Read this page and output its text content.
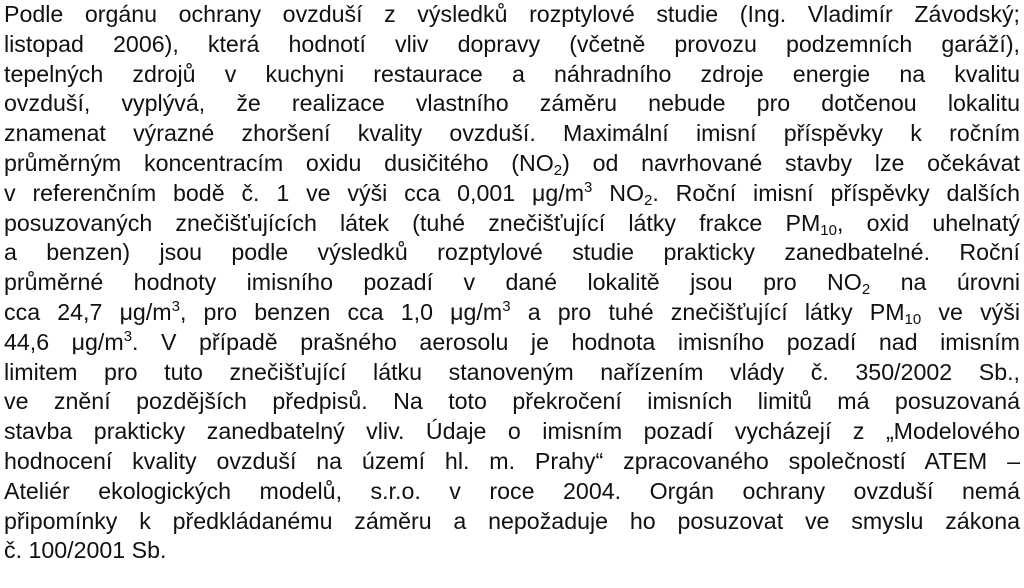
Podle orgánu ochrany ovzduší z výsledků rozptylové studie (Ing. Vladimír Závodský;
listopad 2006), která hodnotí vliv dopravy (včetně provozu podzemních garáží),
tepelných zdrojů v kuchyni restaurace a náhradního zdroje energie na kvalitu
ovzduší, vyplývá, že realizace vlastního záměru nebude pro dotčenou lokalitu
znamenat výrazné zhoršení kvality ovzduší. Maximální imisní příspěvky k ročním
průměrným koncentracím oxidu dusičitého $(NO_2)$ od navrhované stavby lze očekávat
v referenčním bodě č. 1 ve výši cca 0,001 $\mu g/m^3$ $NO_2$. Roční imisní příspěvky dalších
posuzovaných znečišťujících látek (tuhé znečišťující látky frakce $PM_{10}$, oxid uhelnatý
a benzen) jsou podle výsledků rozptylové studie prakticky zanedbatelné. Roční
průměrné hodnoty imisního pozadí v dané lokalitě jsou pro $NO_2$ na úrovni
cca 24,7 $\mu g/m^3$, pro benzen cca 1,0 $\mu g/m^3$ a pro tuhé znečišťující látky $PM_{10}$ ve výši
44,6 $\mu g/m^3$. V případě prašného aerosolu je hodnota imisního pozadí nad imisním
limitem pro tuto znečišťující látku stanoveným nařízením vlády č. 350/2002 Sb.,
ve znění pozdějších předpisů. Na toto překročení imisních limitů má posuzovaná
stavba prakticky zanedbatelný vliv. Údaje o imisním pozadí vycházejí z „Modelového
hodnocení kvality ovzduší na území hl. m. Prahy“ zpracovaného společností ATEM –
Ateliér ekologických modelů, s.r.o. v roce 2004. Orgán ochrany ovzduší nemá
připomínky k předkládanému záměru a nepožaduje ho posuzovat ve smyslu zákona
č. 100/2001 Sb.
